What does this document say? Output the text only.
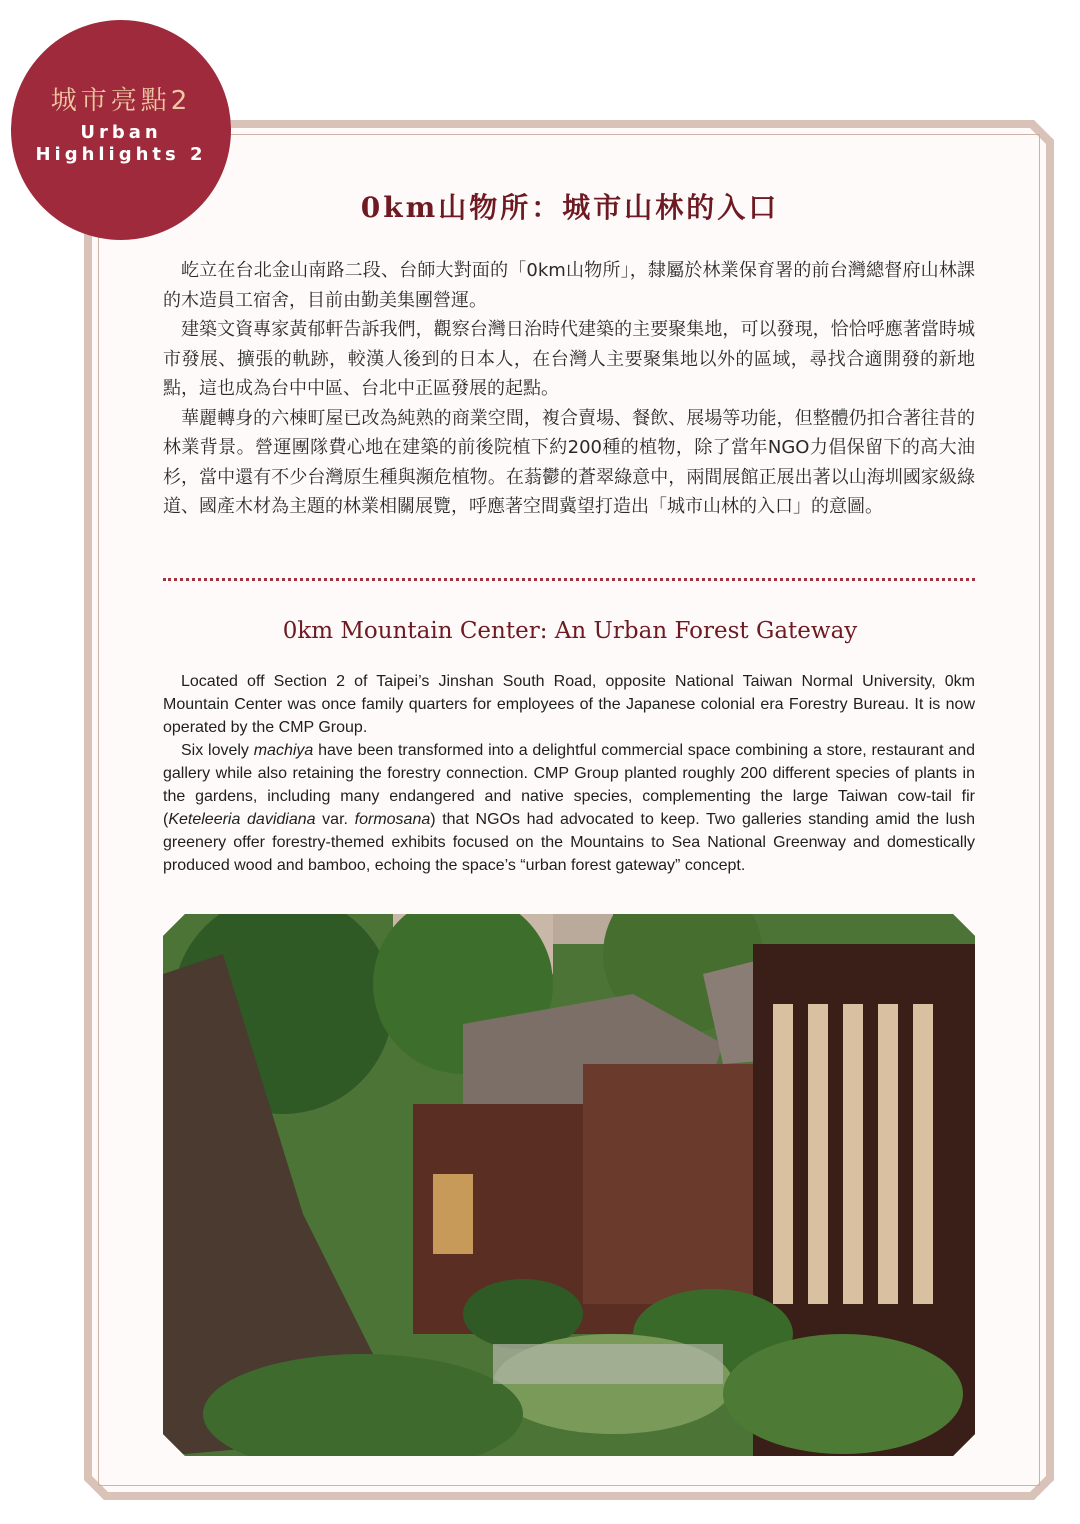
城市亮點2
Urban
Highlights 2
0km山物所：城市山林的入口

屹立在台北金山南路二段、台師大對面的「0km山物所」，隸屬於林業保育署的前台灣總督府山林課的木造員工宿舍，目前由勤美集團營運。

建築文資專家黃郁軒告訴我們，觀察台灣日治時代建築的主要聚集地，可以發現，恰恰呼應著當時城市發展、擴張的軌跡，較漢人後到的日本人，在台灣人主要聚集地以外的區域，尋找合適開發的新地點，這也成為台中中區、台北中正區發展的起點。

華麗轉身的六棟町屋已改為純熟的商業空間，複合賣場、餐飲、展場等功能，但整體仍扣合著往昔的林業背景。營運團隊費心地在建築的前後院植下約200種的植物，除了當年NGO力倡保留下的高大油杉，當中還有不少台灣原生種與瀕危植物。在蓊鬱的蒼翠綠意中，兩間展館正展出著以山海圳國家級綠道、國產木材為主題的林業相關展覽，呼應著空間冀望打造出「城市山林的入口」的意圖。

0km Mountain Center: An Urban Forest Gateway

Located off Section 2 of Taipei’s Jinshan South Road, opposite National Taiwan Normal University, 0km Mountain Center was once family quarters for employees of the Japanese colonial era Forestry Bureau. It is now operated by the CMP Group.

Six lovely machiya have been transformed into a delightful commercial space combining a store, restaurant and gallery while also retaining the forestry connection. CMP Group planted roughly 200 different species of plants in the gardens, including many endangered and native species, complementing the large Taiwan cow-tail fir (Keteleeria davidiana var. formosana) that NGOs had advocated to keep. Two galleries standing amid the lush greenery offer forestry-themed exhibits focused on the Mountains to Sea National Greenway and domestically produced wood and bamboo, echoing the space’s “urban forest gateway” concept.
